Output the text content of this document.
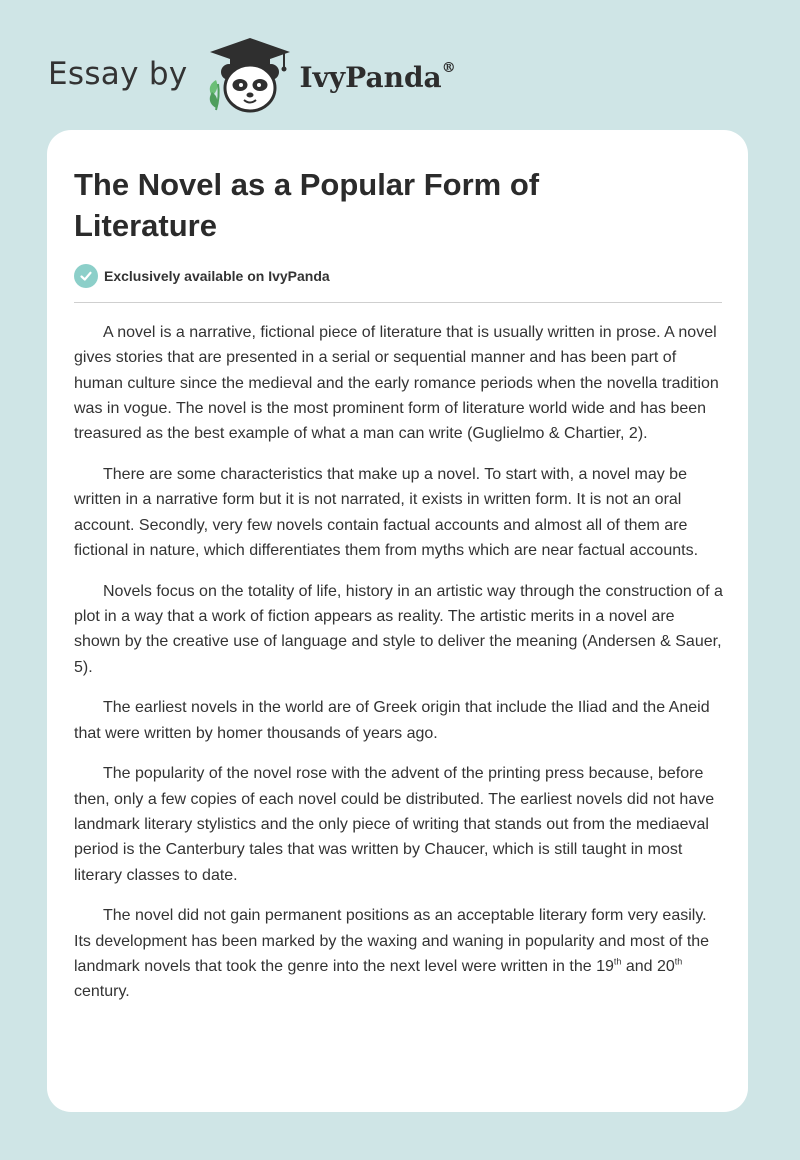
Essay by	IvyPanda®
The Novel as a Popular Form of Literature
Exclusively available on IvyPanda

A novel is a narrative, fictional piece of literature that is usually written in prose. A novel gives stories that are presented in a serial or sequential manner and has been part of human culture since the medieval and the early romance periods when the novella tradition was in vogue. The novel is the most prominent form of literature world wide and has been treasured as the best example of what a man can write (Guglielmo & Chartier, 2).

There are some characteristics that make up a novel. To start with, a novel may be written in a narrative form but it is not narrated, it exists in written form. It is not an oral account. Secondly, very few novels contain factual accounts and almost all of them are fictional in nature, which differentiates them from myths which are near factual accounts.

Novels focus on the totality of life, history in an artistic way through the construction of a plot in a way that a work of fiction appears as reality. The artistic merits in a novel are shown by the creative use of language and style to deliver the meaning (Andersen & Sauer, 5).

The earliest novels in the world are of Greek origin that include the Iliad and the Aneid that were written by homer thousands of years ago.

The popularity of the novel rose with the advent of the printing press because, before then, only a few copies of each novel could be distributed. The earliest novels did not have landmark literary stylistics and the only piece of writing that stands out from the mediaeval period is the Canterbury tales that was written by Chaucer, which is still taught in most literary classes to date.

The novel did not gain permanent positions as an acceptable literary form very easily. Its development has been marked by the waxing and waning in popularity and most of the landmark novels that took the genre into the next level were written in the 19th and 20th century.
